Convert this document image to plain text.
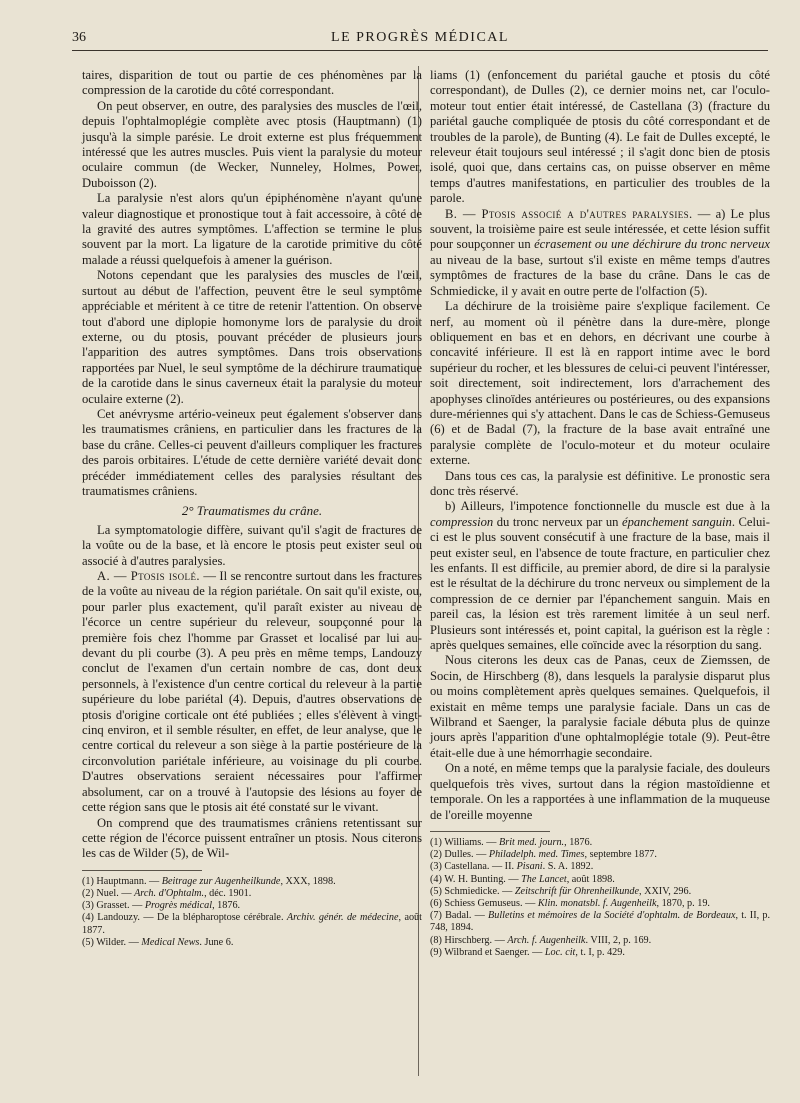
36	LE PROGRÈS MÉDICAL

taires, disparition de tout ou partie de ces phénomènes par la compression de la carotide du côté correspondant.

On peut observer, en outre, des paralysies des muscles de l'œil, depuis l'ophtalmoplégie complète avec ptosis (Hauptmann) (1) jusqu'à la simple parésie. Le droit externe est plus fréquemment intéressé que les autres muscles. Puis vient la paralysie du moteur oculaire commun (de Wecker, Nunneley, Holmes, Power, Duboisson (2).

La paralysie n'est alors qu'un épiphénomène n'ayant qu'une valeur diagnostique et pronostique tout à fait accessoire, à côté de la gravité des autres symptômes. L'affection se termine le plus souvent par la mort. La ligature de la carotide primitive du côté malade a réussi quelquefois à amener la guérison.

Notons cependant que les paralysies des muscles de l'œil, surtout au début de l'affection, peuvent être le seul symptôme appréciable et méritent à ce titre de retenir l'attention. On observe tout d'abord une diplopie homonyme lors de paralysie du droit externe, ou du ptosis, pouvant précéder de plusieurs jours l'apparition des autres symptômes. Dans trois observations rapportées par Nuel, le seul symptôme de la déchirure traumatique de la carotide dans le sinus caverneux était la paralysie du moteur oculaire externe (2).

Cet anévrysme artério-veineux peut également s'observer dans les traumatismes crâniens, en particulier dans les fractures de la base du crâne. Celles-ci peuvent d'ailleurs compliquer les fractures des parois orbitaires. L'étude de cette dernière variété devait donc précéder immédiatement celles des paralysies résultant des traumatismes crâniens.

2° Traumatismes du crâne.

La symptomatologie diffère, suivant qu'il s'agit de fractures de la voûte ou de la base, et là encore le ptosis peut exister seul ou associé à d'autres paralysies.

A. — Ptosis isolé. — Il se rencontre surtout dans les fractures de la voûte au niveau de la région pariétale. On sait qu'il existe, ou, pour parler plus exactement, qu'il paraît exister au niveau de l'écorce un centre supérieur du releveur, soupçonné pour la première fois chez l'homme par Grasset et localisé par lui au-devant du pli courbe (3). A peu près en même temps, Landouzy conclut de l'examen d'un certain nombre de cas, dont deux personnels, à l'existence d'un centre cortical du releveur à la partie supérieure du lobe pariétal (4). Depuis, d'autres observations de ptosis d'origine corticale ont été publiées ; elles s'élèvent à vingt-cinq environ, et il semble résulter, en effet, de leur analyse, que le centre cortical du releveur a son siège à la partie postérieure de la circonvolution pariétale inférieure, au voisinage du pli courbe. D'autres observations seraient nécessaires pour l'affirmer absolument, car on a trouvé à l'autopsie des lésions au foyer de cette région sans que le ptosis ait été constaté sur le vivant.

On comprend que des traumatismes crâniens retentissant sur cette région de l'écorce puissent entraîner un ptosis. Nous citerons les cas de Wilder (5), de Wil-

(1) Hauptmann. — Beitrage zur Augenheilkunde, XXX, 1898.

(2) Nuel. — Arch. d'Ophtalm., déc. 1901.

(3) Grasset. — Progrès médical, 1876.

(4) Landouzy. — De la blépharoptose cérébrale. Archiv. génér. de médecine, août 1877.

(5) Wilder. — Medical News. June 6.

liams (1) (enfoncement du pariétal gauche et ptosis du côté correspondant), de Dulles (2), ce dernier moins net, car l'oculo-moteur tout entier était intéressé, de Castellana (3) (fracture du pariétal gauche compliquée de ptosis du côté correspondant et de troubles de la parole), de Bunting (4). Le fait de Dulles excepté, le releveur était toujours seul intéressé ; il s'agit donc bien de ptosis isolé, quoi que, dans certains cas, on puisse observer en même temps d'autres manifestations, en particulier des troubles de la parole.

B. — Ptosis associé a d'autres paralysies. — a) Le plus souvent, la troisième paire est seule intéressée, et cette lésion suffit pour soupçonner un écrasement ou une déchirure du tronc nerveux au niveau de la base, surtout s'il existe en même temps d'autres symptômes de fractures de la base du crâne. Dans le cas de Schmiedicke, il y avait en outre perte de l'olfaction (5).

La déchirure de la troisième paire s'explique facilement. Ce nerf, au moment où il pénètre dans la dure-mère, plonge obliquement en bas et en dehors, en décrivant une courbe à concavité inférieure. Il est là en rapport intime avec le bord supérieur du rocher, et les blessures de celui-ci peuvent l'intéresser, soit directement, soit indirectement, lors d'arrachement des apophyses clinoïdes antérieures ou postérieures, ou des expansions dure-mériennes qui s'y attachent. Dans le cas de Schiess-Gemuseus (6) et de Badal (7), la fracture de la base avait entraîné une paralysie complète de l'oculo-moteur et du moteur oculaire externe.

Dans tous ces cas, la paralysie est définitive. Le pronostic sera donc très réservé.

b) Ailleurs, l'impotence fonctionnelle du muscle est due à la compression du tronc nerveux par un épanchement sanguin. Celui-ci est le plus souvent consécutif à une fracture de la base, mais il peut exister seul, en l'absence de toute fracture, en particulier chez les enfants. Il est difficile, au premier abord, de dire si la paralysie est le résultat de la déchirure du tronc nerveux ou simplement de la compression de ce dernier par l'épanchement sanguin. Mais en pareil cas, la lésion est très rarement limitée à un seul nerf. Plusieurs sont intéressés et, point capital, la guérison est la règle : après quelques semaines, elle coïncide avec la résorption du sang.

Nous citerons les deux cas de Panas, ceux de Ziemssen, de Socin, de Hirschberg (8), dans lesquels la paralysie disparut plus ou moins complètement après quelques semaines. Quelquefois, il existait en même temps une paralysie faciale. Dans un cas de Wilbrand et Saenger, la paralysie faciale débuta plus de quinze jours après l'apparition d'une ophtalmoplégie totale (9). Peut-être était-elle due à une hémorrhagie secondaire.

On a noté, en même temps que la paralysie faciale, des douleurs quelquefois très vives, surtout dans la région mastoïdienne et temporale. On les a rapportées à une inflammation de la muqueuse de l'oreille moyenne

(1) Williams. — Brit med. journ., 1876.

(2) Dulles. — Philadelph. med. Times, septembre 1877.

(3) Castellana. — II. Pisani. S. A. 1892.

(4) W. H. Bunting. — The Lancet, août 1898.

(5) Schmiedicke. — Zeitschrift für Ohrenheilkunde, XXIV, 296.

(6) Schiess Gemuseus. — Klin. monatsbl. f. Augenheilk, 1870, p. 19.

(7) Badal. — Bulletins et mémoires de la Société d'ophtalm. de Bordeaux, t. II, p. 748, 1894.

(8) Hirschberg. — Arch. f. Augenheilk. VIII, 2, p. 169.

(9) Wilbrand et Saenger. — Loc. cit, t. I, p. 429.
